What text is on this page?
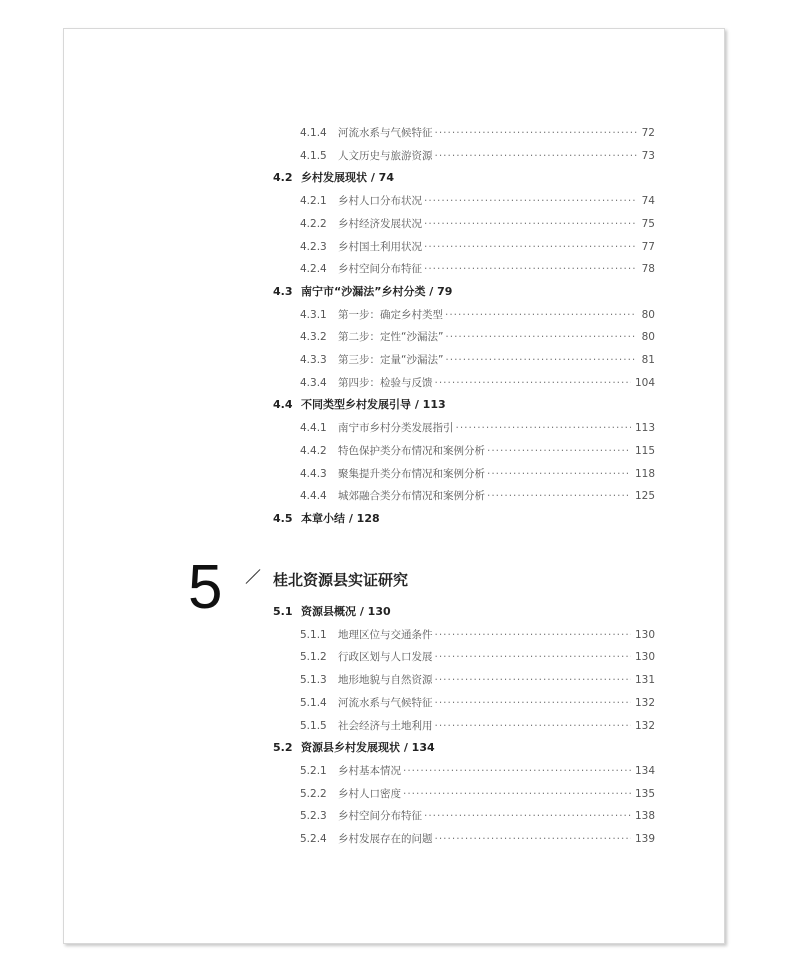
4.1.4	河流水系与气候特征 ·····	72
4.1.5	人文历史与旅游资源 ·····	73
4.2 乡村发展现状 / 74
4.2.1	乡村人口分布状况 ·····	74
4.2.2	乡村经济发展状况 ·····	75
4.2.3	乡村国土利用状况 ·····	77
4.2.4	乡村空间分布特征 ·····	78
4.3 南宁市“沙漏法”乡村分类 / 79
4.3.1	第一步：确定乡村类型 ·····	80
4.3.2	第二步：定性“沙漏法” ·····	80
4.3.3	第三步：定量“沙漏法” ·····	81
4.3.4	第四步：检验与反馈 ·····	104
4.4 不同类型乡村发展引导 / 113
4.4.1	南宁市乡村分类发展指引 ·····	113
4.4.2	特色保护类分布情况和案例分析 ·····	115
4.4.3	聚集提升类分布情况和案例分析 ·····	118
4.4.4	城郊融合类分布情况和案例分析 ·····	125
4.5 本章小结 / 128
5	桂北资源县实证研究
5.1 资源县概况 / 130
5.1.1	地理区位与交通条件 ·····	130
5.1.2	行政区划与人口发展 ·····	130
5.1.3	地形地貌与自然资源 ·····	131
5.1.4	河流水系与气候特征 ·····	132
5.1.5	社会经济与土地利用 ·····	132
5.2 资源县乡村发展现状 / 134
5.2.1	乡村基本情况 ·····	134
5.2.2	乡村人口密度 ·····	135
5.2.3	乡村空间分布特征 ·····	138
5.2.4	乡村发展存在的问题 ·····	139
